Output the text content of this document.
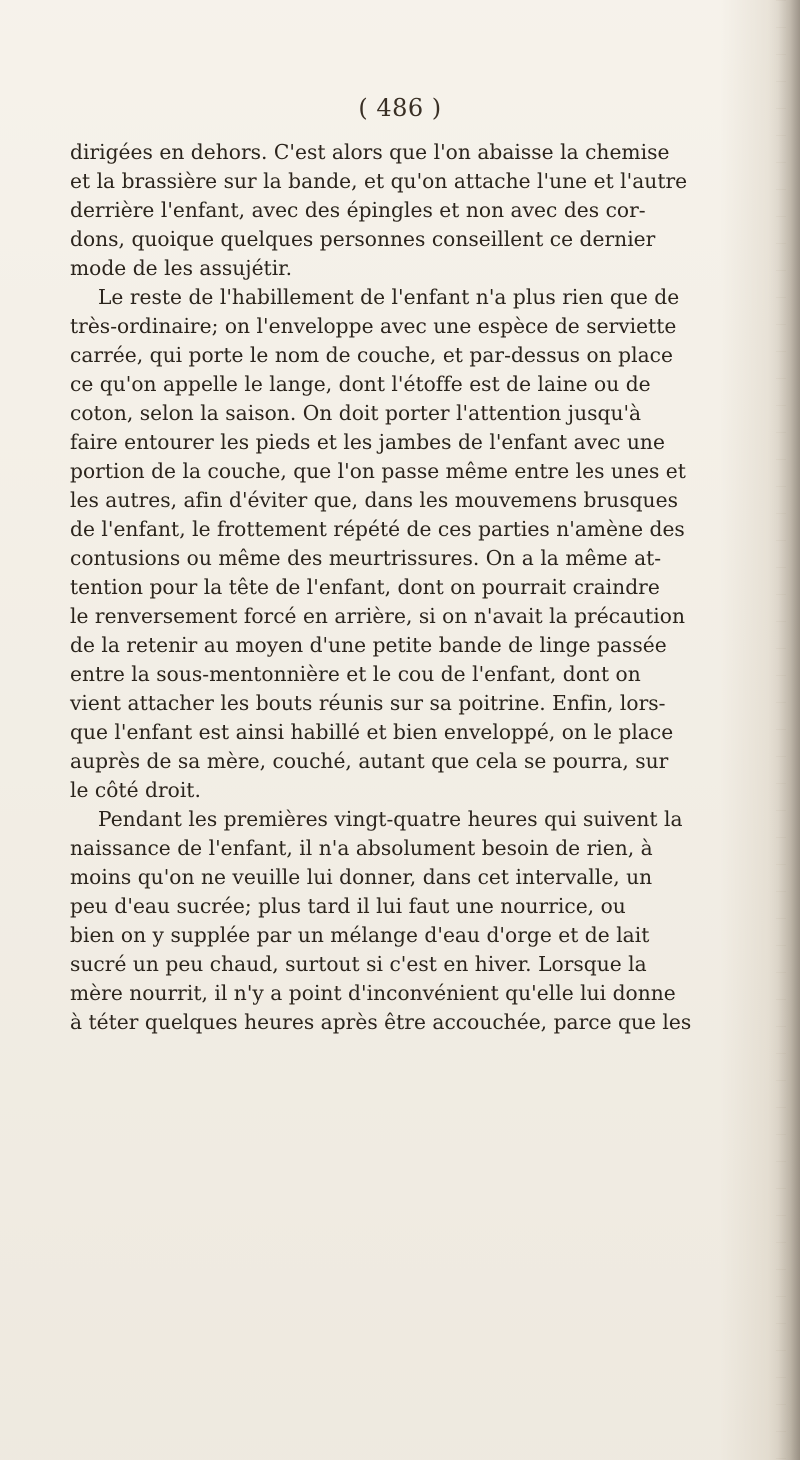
( 486 )
dirigées en dehors. C'est alors que l'on abaisse la chemise
et la brassière sur la bande, et qu'on attache l'une et l'autre
derrière l'enfant, avec des épingles et non avec des cor-
dons, quoique quelques personnes conseillent ce dernier
mode de les assujétir.
Le reste de l'habillement de l'enfant n'a plus rien que de
très-ordinaire; on l'enveloppe avec une espèce de serviette
carrée, qui porte le nom de couche, et par-dessus on place
ce qu'on appelle le lange, dont l'étoffe est de laine ou de
coton, selon la saison. On doit porter l'attention jusqu'à
faire entourer les pieds et les jambes de l'enfant avec une
portion de la couche, que l'on passe même entre les unes et
les autres, afin d'éviter que, dans les mouvemens brusques
de l'enfant, le frottement répété de ces parties n'amène des
contusions ou même des meurtrissures. On a la même at-
tention pour la tête de l'enfant, dont on pourrait craindre
le renversement forcé en arrière, si on n'avait la précaution
de la retenir au moyen d'une petite bande de linge passée
entre la sous-mentonnière et le cou de l'enfant, dont on
vient attacher les bouts réunis sur sa poitrine. Enfin, lors-
que l'enfant est ainsi habillé et bien enveloppé, on le place
auprès de sa mère, couché, autant que cela se pourra, sur
le côté droit.
Pendant les premières vingt-quatre heures qui suivent la
naissance de l'enfant, il n'a absolument besoin de rien, à
moins qu'on ne veuille lui donner, dans cet intervalle, un
peu d'eau sucrée; plus tard il lui faut une nourrice, ou
bien on y supplée par un mélange d'eau d'orge et de lait
sucré un peu chaud, surtout si c'est en hiver. Lorsque la
mère nourrit, il n'y a point d'inconvénient qu'elle lui donne
à téter quelques heures après être accouchée, parce que les
